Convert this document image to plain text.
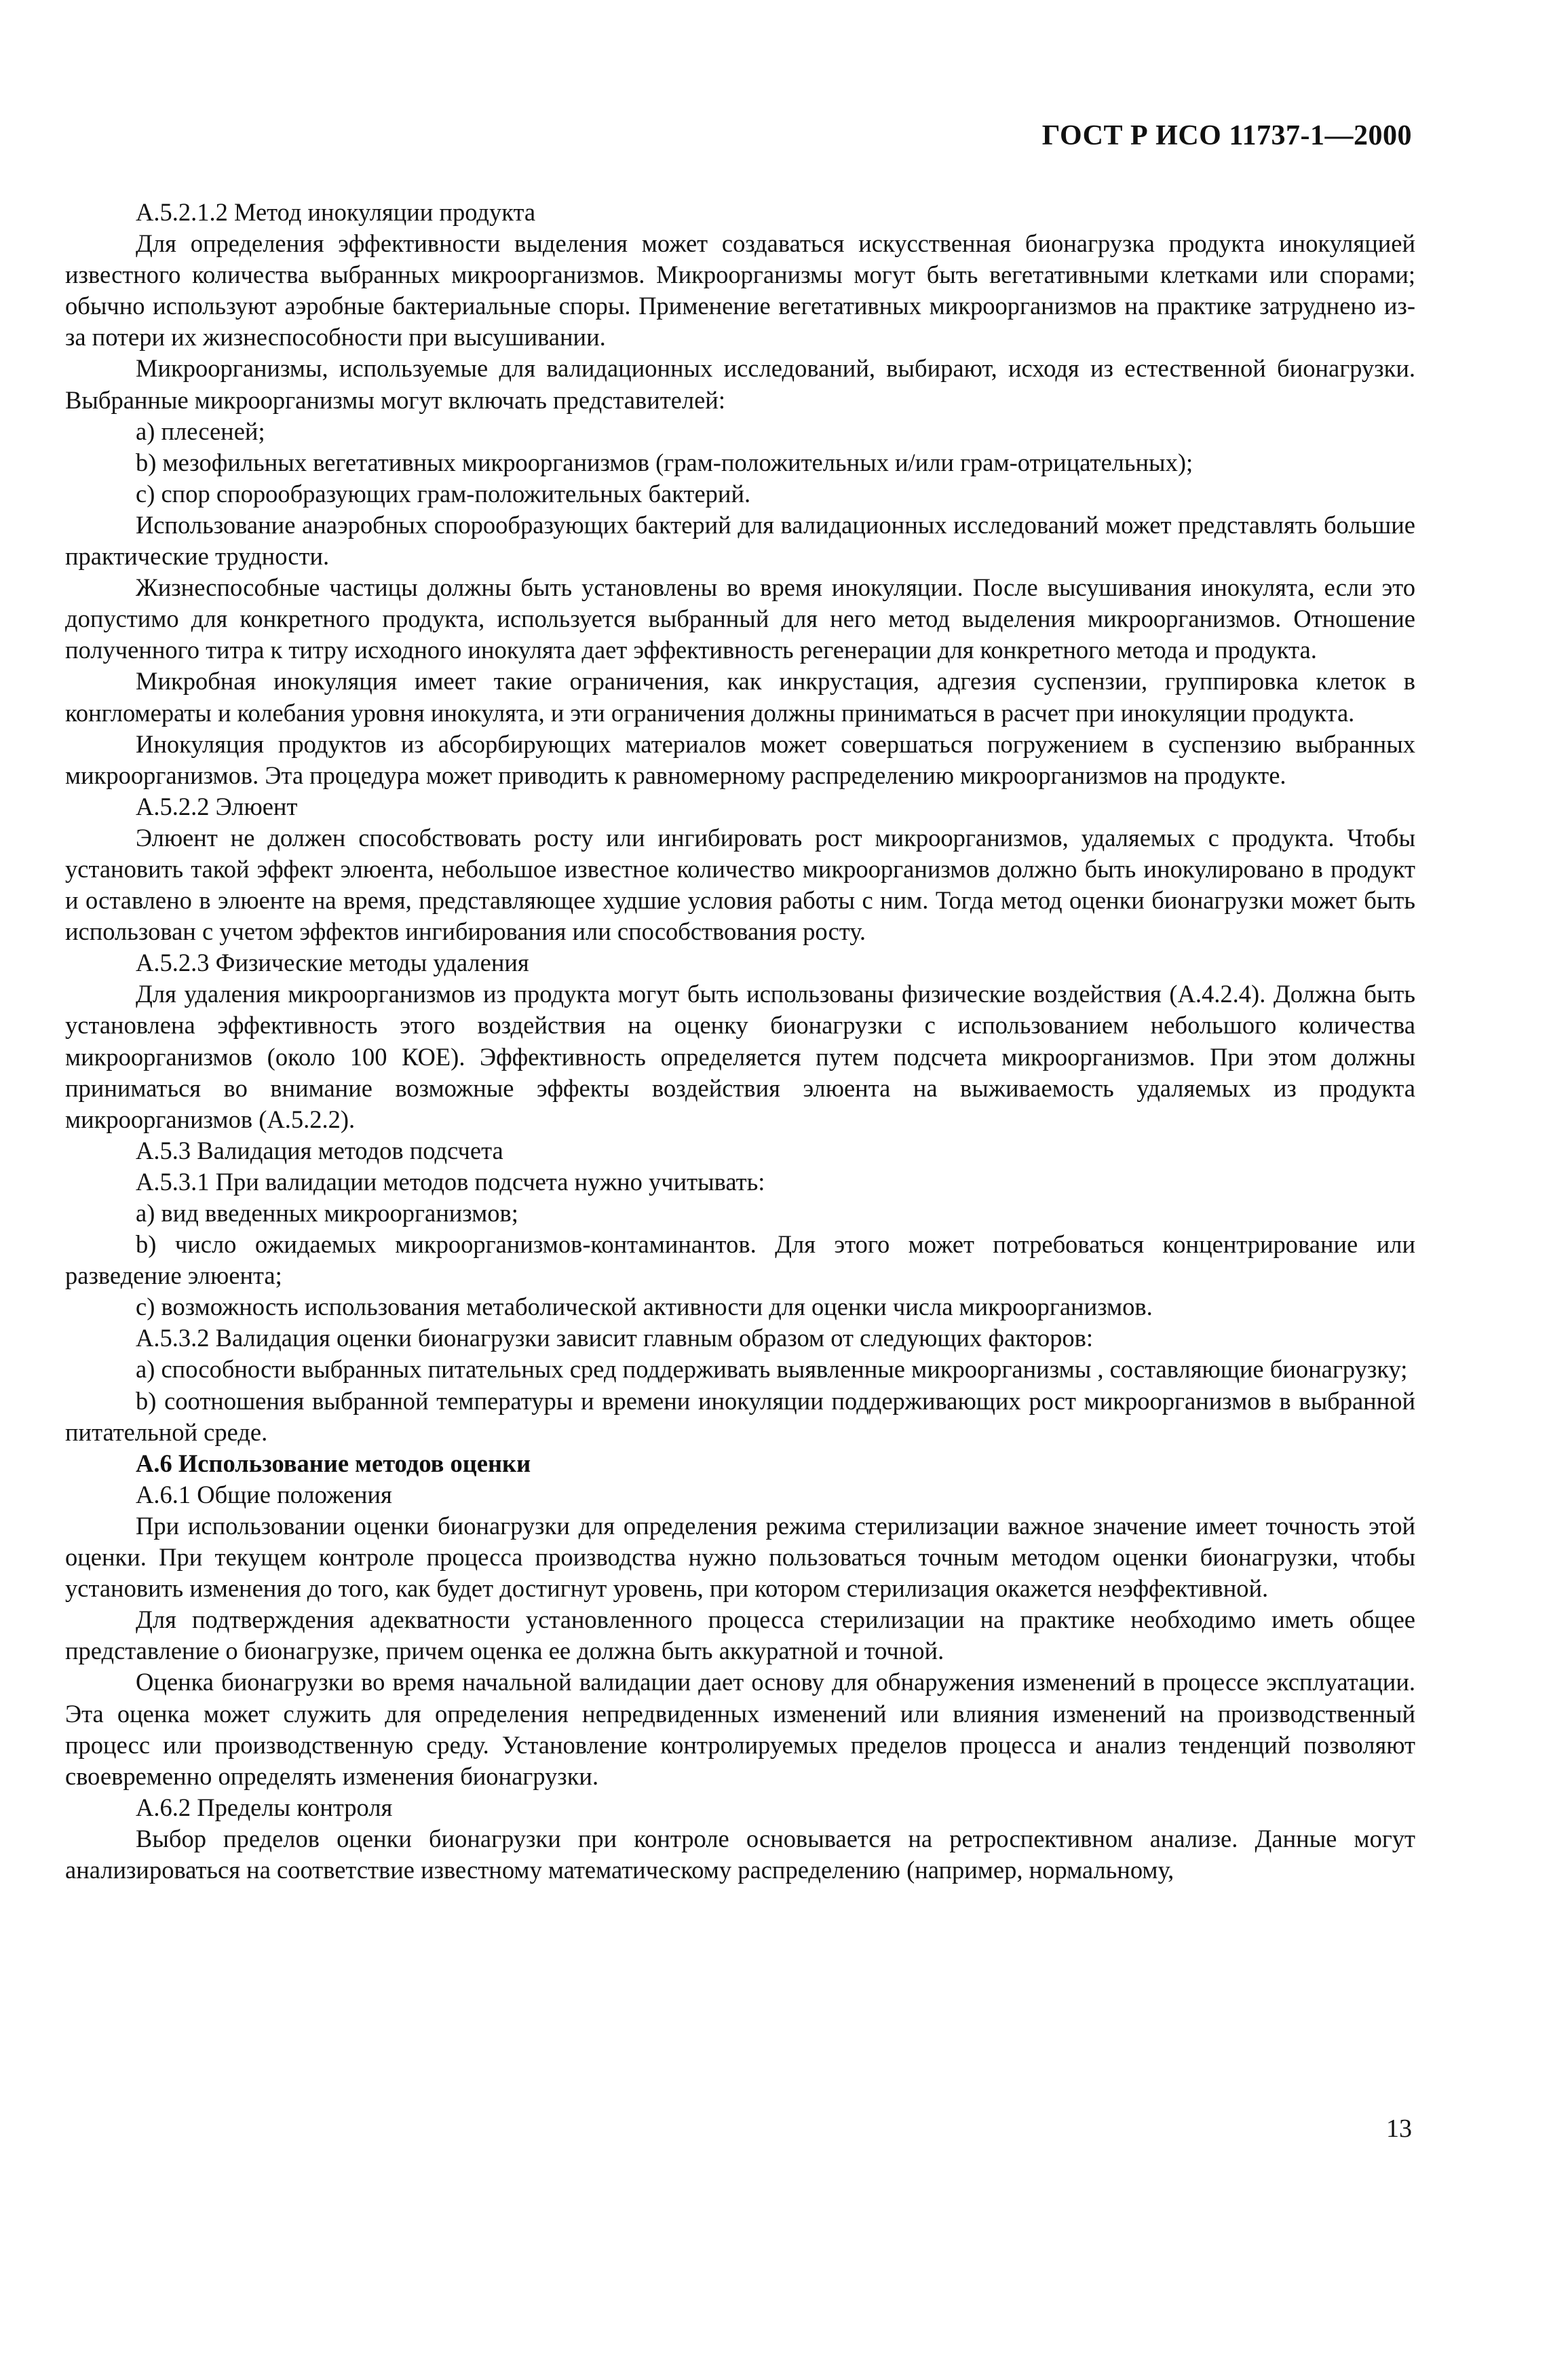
ГОСТ Р ИСО 11737-1—2000

А.5.2.1.2 Метод инокуляции продукта

Для определения эффективности выделения может создаваться искусственная бионагрузка продукта инокуляцией известного количества выбранных микроорганизмов. Микроорганизмы могут быть вегетативными клетками или спорами; обычно используют аэробные бактериальные споры. Применение вегетативных микроорганизмов на практике затруднено из-за потери их жизнеспособности при высушивании.

Микроорганизмы, используемые для валидационных исследований, выбирают, исходя из естественной бионагрузки. Выбранные микроорганизмы могут включать представителей:

а) плесеней;

b) мезофильных вегетативных микроорганизмов (грам-положительных и/или грам-отрицательных);

с) спор спорообразующих грам-положительных бактерий.

Использование анаэробных спорообразующих бактерий для валидационных исследований может представлять большие практические трудности.

Жизнеспособные частицы должны быть установлены во время инокуляции. После высушивания инокулята, если это допустимо для конкретного продукта, используется выбранный для него метод выделения микроорганизмов. Отношение полученного титра к титру исходного инокулята дает эффективность регенерации для конкретного метода и продукта.

Микробная инокуляция имеет такие ограничения, как инкрустация, адгезия суспензии, группировка клеток в конгломераты и колебания уровня инокулята, и эти ограничения должны приниматься в расчет при инокуляции продукта.

Инокуляция продуктов из абсорбирующих материалов может совершаться погружением в суспензию выбранных микроорганизмов. Эта процедура может приводить к равномерному распределению микроорганизмов на продукте.

А.5.2.2 Элюент

Элюент не должен способствовать росту или ингибировать рост микроорганизмов, удаляемых с продукта. Чтобы установить такой эффект элюента, небольшое известное количество микроорганизмов должно быть инокулировано в продукт и оставлено в элюенте на время, представляющее худшие условия работы с ним. Тогда метод оценки бионагрузки может быть использован с учетом эффектов ингибирования или способствования росту.

А.5.2.3 Физические методы удаления

Для удаления микроорганизмов из продукта могут быть использованы физические воздействия (А.4.2.4). Должна быть установлена эффективность этого воздействия на оценку бионагрузки с использованием небольшого количества микроорганизмов (около 100 КОЕ). Эффективность определяется путем подсчета микроорганизмов. При этом должны приниматься во внимание возможные эффекты воздействия элюента на выживаемость удаляемых из продукта микроорганизмов (А.5.2.2).

А.5.3 Валидация методов подсчета

А.5.3.1 При валидации методов подсчета нужно учитывать:

а) вид введенных микроорганизмов;

b) число ожидаемых микроорганизмов-контаминантов. Для этого может потребоваться концентрирование или разведение элюента;

с) возможность использования метаболической активности для оценки числа микроорганизмов.

А.5.3.2 Валидация оценки бионагрузки зависит главным образом от следующих факторов:

а) способности выбранных питательных сред поддерживать выявленные микроорганизмы , составляющие бионагрузку;

b) соотношения выбранной температуры и времени инокуляции поддерживающих рост микроорганизмов в выбранной питательной среде.

А.6 Использование методов оценки

А.6.1 Общие положения

При использовании оценки бионагрузки для определения режима стерилизации важное значение имеет точность этой оценки. При текущем контроле процесса производства нужно пользоваться точным методом оценки бионагрузки, чтобы установить изменения до того, как будет достигнут уровень, при котором стерилизация окажется неэффективной.

Для подтверждения адекватности установленного процесса стерилизации на практике необходимо иметь общее представление о бионагрузке, причем оценка ее должна быть аккуратной и точной.

Оценка бионагрузки во время начальной валидации дает основу для обнаружения изменений в процессе эксплуатации. Эта оценка может служить для определения непредвиденных изменений или влияния изменений на производственный процесс или производственную среду. Установление контролируемых пределов процесса и анализ тенденций позволяют своевременно определять изменения бионагрузки.

А.6.2 Пределы контроля

Выбор пределов оценки бионагрузки при контроле основывается на ретроспективном анализе. Данные могут анализироваться на соответствие известному математическому распределению (например, нормальному,

13
